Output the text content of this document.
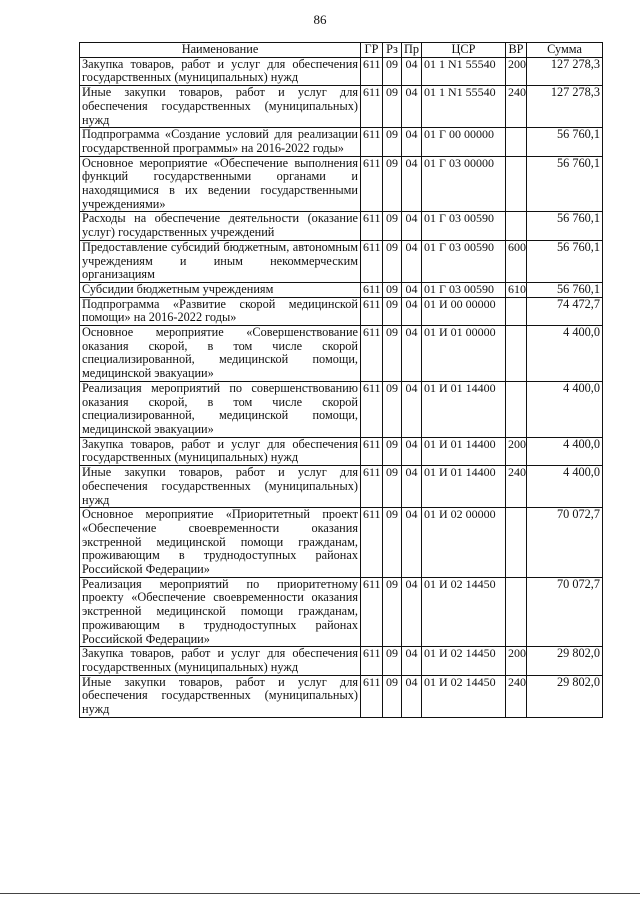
86
Наименование	ГР	Рз	Пр	ЦСР	ВР	Сумма
Закупка товаров, работ и услуг для обеспечения государственных (муниципальных) нужд	611	09	04	01 1 N1 55540	200	127 278,3
Иные закупки товаров, работ и услуг для обеспечения государственных (муниципальных) нужд	611	09	04	01 1 N1 55540	240	127 278,3
Подпрограмма «Создание условий для реализации государственной программы» на 2016-2022 годы»	611	09	04	01 Г 00 00000		56 760,1
Основное мероприятие «Обеспечение выполнения функций государственными органами и находящимися в их ведении государственными учреждениями»	611	09	04	01 Г 03 00000		56 760,1
Расходы на обеспечение деятельности (оказание услуг) государственных учреждений	611	09	04	01 Г 03 00590		56 760,1
Предоставление субсидий бюджетным, автономным учреждениям и иным некоммерческим организациям	611	09	04	01 Г 03 00590	600	56 760,1
Субсидии бюджетным учреждениям	611	09	04	01 Г 03 00590	610	56 760,1
Подпрограмма «Развитие скорой медицинской помощи» на 2016-2022 годы»	611	09	04	01 И 00 00000		74 472,7
Основное мероприятие «Совершенствование оказания скорой, в том числе скорой специализированной, медицинской помощи, медицинской эвакуации»	611	09	04	01 И 01 00000		4 400,0
Реализация мероприятий по совершенствованию оказания скорой, в том числе скорой специализированной, медицинской помощи, медицинской эвакуации»	611	09	04	01 И 01 14400		4 400,0
Закупка товаров, работ и услуг для обеспечения государственных (муниципальных) нужд	611	09	04	01 И 01 14400	200	4 400,0
Иные закупки товаров, работ и услуг для обеспечения государственных (муниципальных) нужд	611	09	04	01 И 01 14400	240	4 400,0
Основное мероприятие «Приоритетный проект «Обеспечение своевременности оказания экстренной медицинской помощи гражданам, проживающим в труднодоступных районах Российской Федерации»	611	09	04	01 И 02 00000		70 072,7
Реализация мероприятий по приоритетному проекту «Обеспечение своевременности оказания экстренной медицинской помощи гражданам, проживающим в труднодоступных районах Российской Федерации»	611	09	04	01 И 02 14450		70 072,7
Закупка товаров, работ и услуг для обеспечения государственных (муниципальных) нужд	611	09	04	01 И 02 14450	200	29 802,0
Иные закупки товаров, работ и услуг для обеспечения государственных (муниципальных) нужд	611	09	04	01 И 02 14450	240	29 802,0
